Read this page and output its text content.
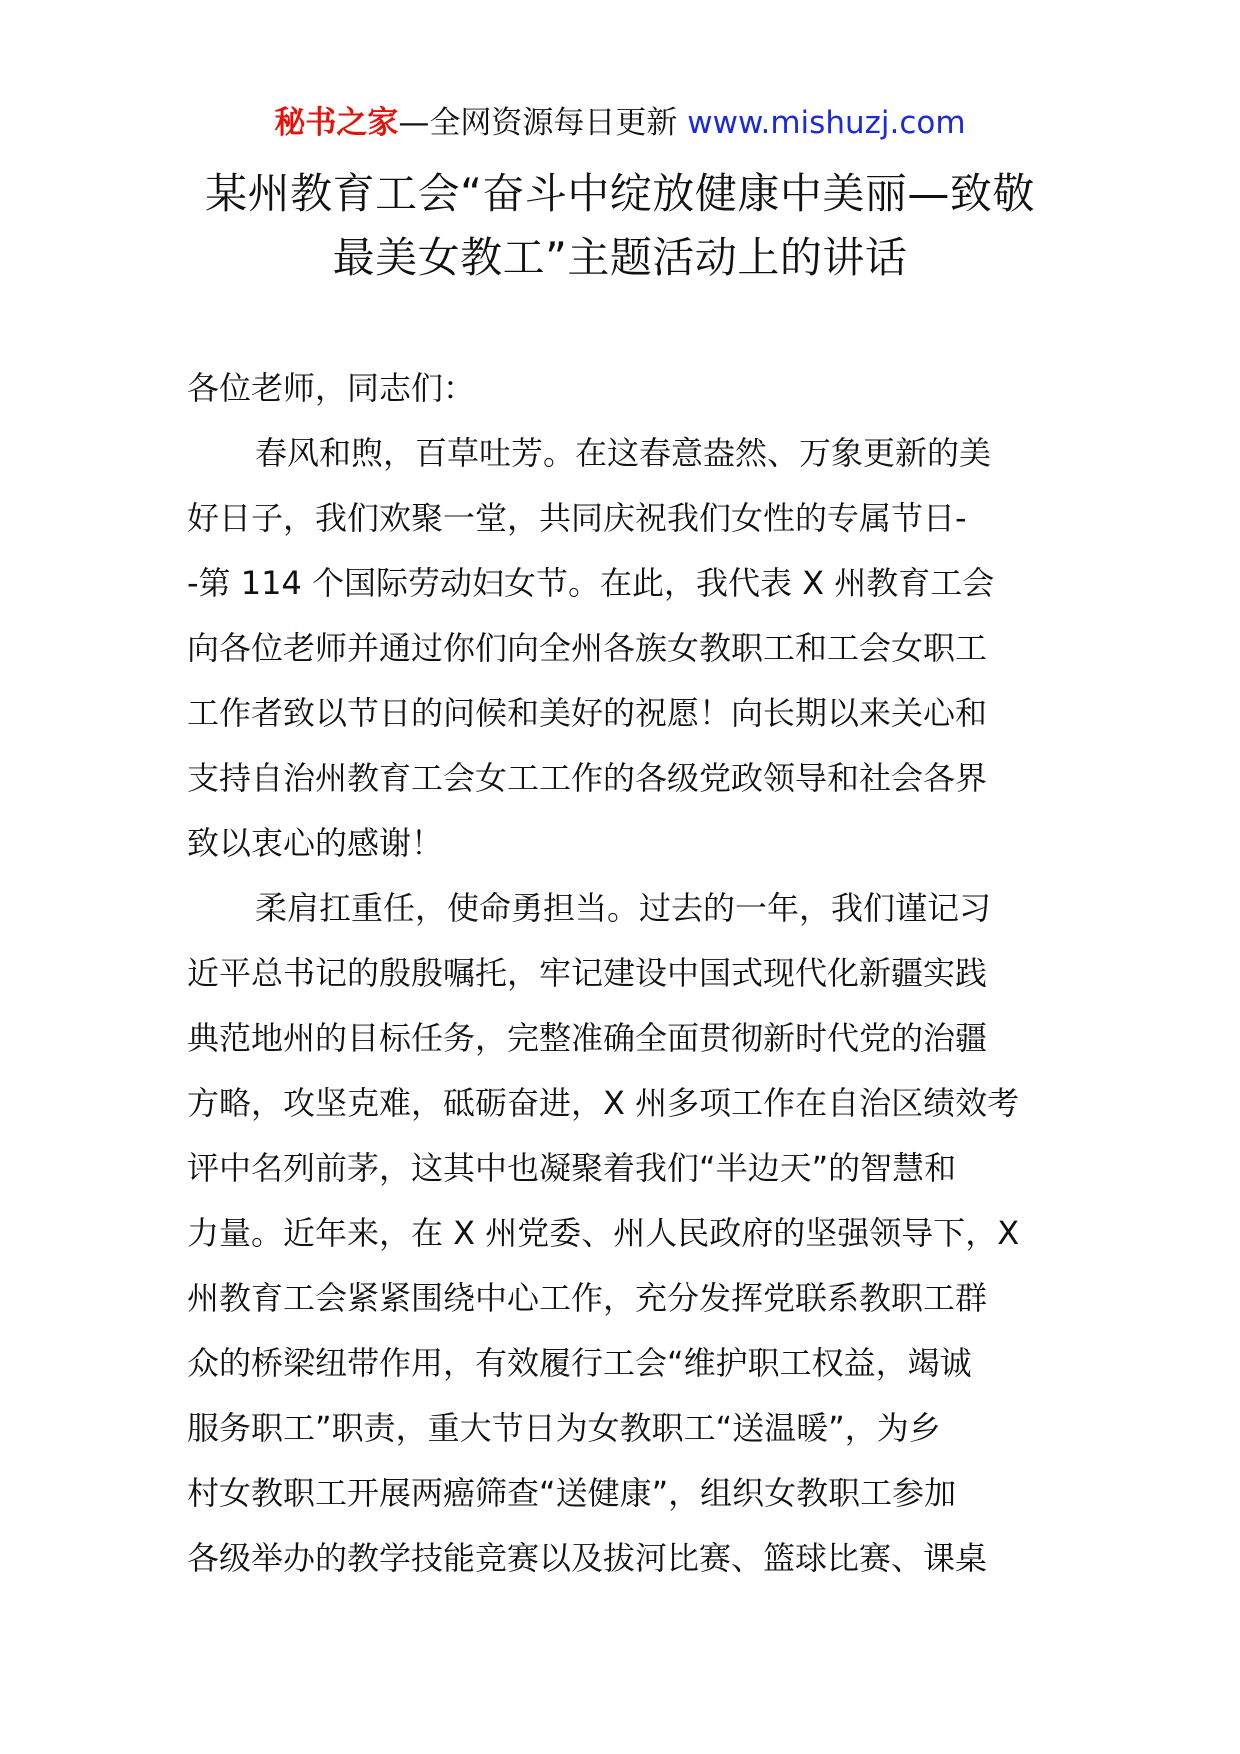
秘书之家—全网资源每日更新 www.mishuzj.com
某州教育工会“奋斗中绽放健康中美丽—致敬
最美女教工”主题活动上的讲话
各位老师，同志们：
春风和煦，百草吐芳。在这春意盎然、万象更新的美
好日子，我们欢聚一堂，共同庆祝我们女性的专属节日-
-第 114 个国际劳动妇女节。在此，我代表 X 州教育工会
向各位老师并通过你们向全州各族女教职工和工会女职工
工作者致以节日的问候和美好的祝愿！向长期以来关心和
支持自治州教育工会女工工作的各级党政领导和社会各界
致以衷心的感谢！
柔肩扛重任，使命勇担当。过去的一年，我们谨记习
近平总书记的殷殷嘱托，牢记建设中国式现代化新疆实践
典范地州的目标任务，完整准确全面贯彻新时代党的治疆
方略，攻坚克难，砥砺奋进，X 州多项工作在自治区绩效考
评中名列前茅，这其中也凝聚着我们“半边天”的智慧和
力量。近年来，在 X 州党委、州人民政府的坚强领导下，X
州教育工会紧紧围绕中心工作，充分发挥党联系教职工群
众的桥梁纽带作用，有效履行工会“维护职工权益，竭诚
服务职工”职责，重大节日为女教职工“送温暖”，为乡
村女教职工开展两癌筛查“送健康”，组织女教职工参加
各级举办的教学技能竞赛以及拔河比赛、篮球比赛、课桌
